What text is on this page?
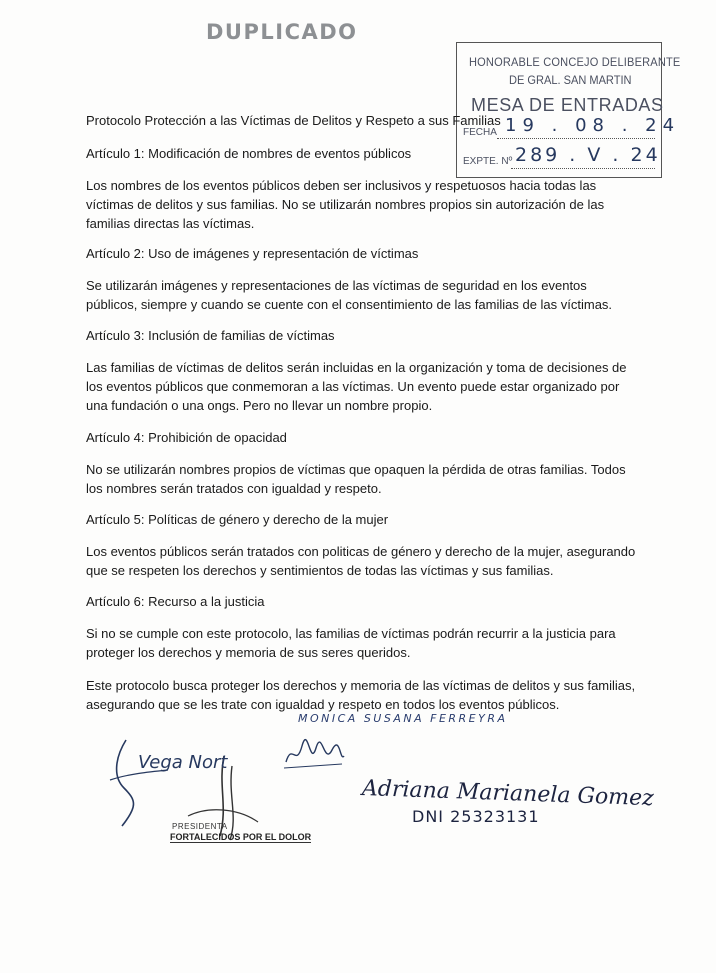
DUPLICADO
HONORABLE CONCEJO DELIBERANTE
DE GRAL. SAN MARTIN
MESA DE ENTRADAS
FECHA 19 . 08 . 24
EXPTE. Nº 289 . V . 24
Protocolo Protección a las Víctimas de Delitos y Respeto a sus Familias
Artículo 1: Modificación de nombres de eventos públicos
Los nombres de los eventos públicos deben ser inclusivos y respetuosos hacia todas las víctimas de delitos y sus familias. No se utilizarán nombres propios sin autorización de las familias directas las víctimas.
Artículo 2: Uso de imágenes y representación de víctimas
Se utilizarán imágenes y representaciones de las víctimas de seguridad en los eventos públicos, siempre y cuando se cuente con el consentimiento de las familias de las víctimas.
Artículo 3: Inclusión de familias de víctimas
Las familias de víctimas de delitos serán incluidas en la organización y toma de decisiones de los eventos públicos que conmemoran a las víctimas. Un evento puede estar organizado por una fundación o una ongs. Pero no llevar un nombre propio.
Artículo 4: Prohibición de opacidad
No se utilizarán nombres propios de víctimas que opaquen la pérdida de otras familias. Todos los nombres serán tratados con igualdad y respeto.
Artículo 5: Políticas de género y derecho de la mujer
Los eventos públicos serán tratados con politicas de género y derecho de la mujer, asegurando que se respeten los derechos y sentimientos de todas las víctimas y sus familias.
Artículo 6: Recurso a la justicia
Si no se cumple con este protocolo, las familias de víctimas podrán recurrir a la justicia para proteger los derechos y memoria de sus seres queridos.
Este protocolo busca proteger los derechos y memoria de las víctimas de delitos y sus familias, asegurando que se les trate con igualdad y respeto en todos los eventos públicos.
MONICA SUSANA FERREYRA
Vega Nort
PRESIDENTA
FORTALECIDOS POR EL DOLOR
Adriana Marianela Gomez
DNI 25323131
